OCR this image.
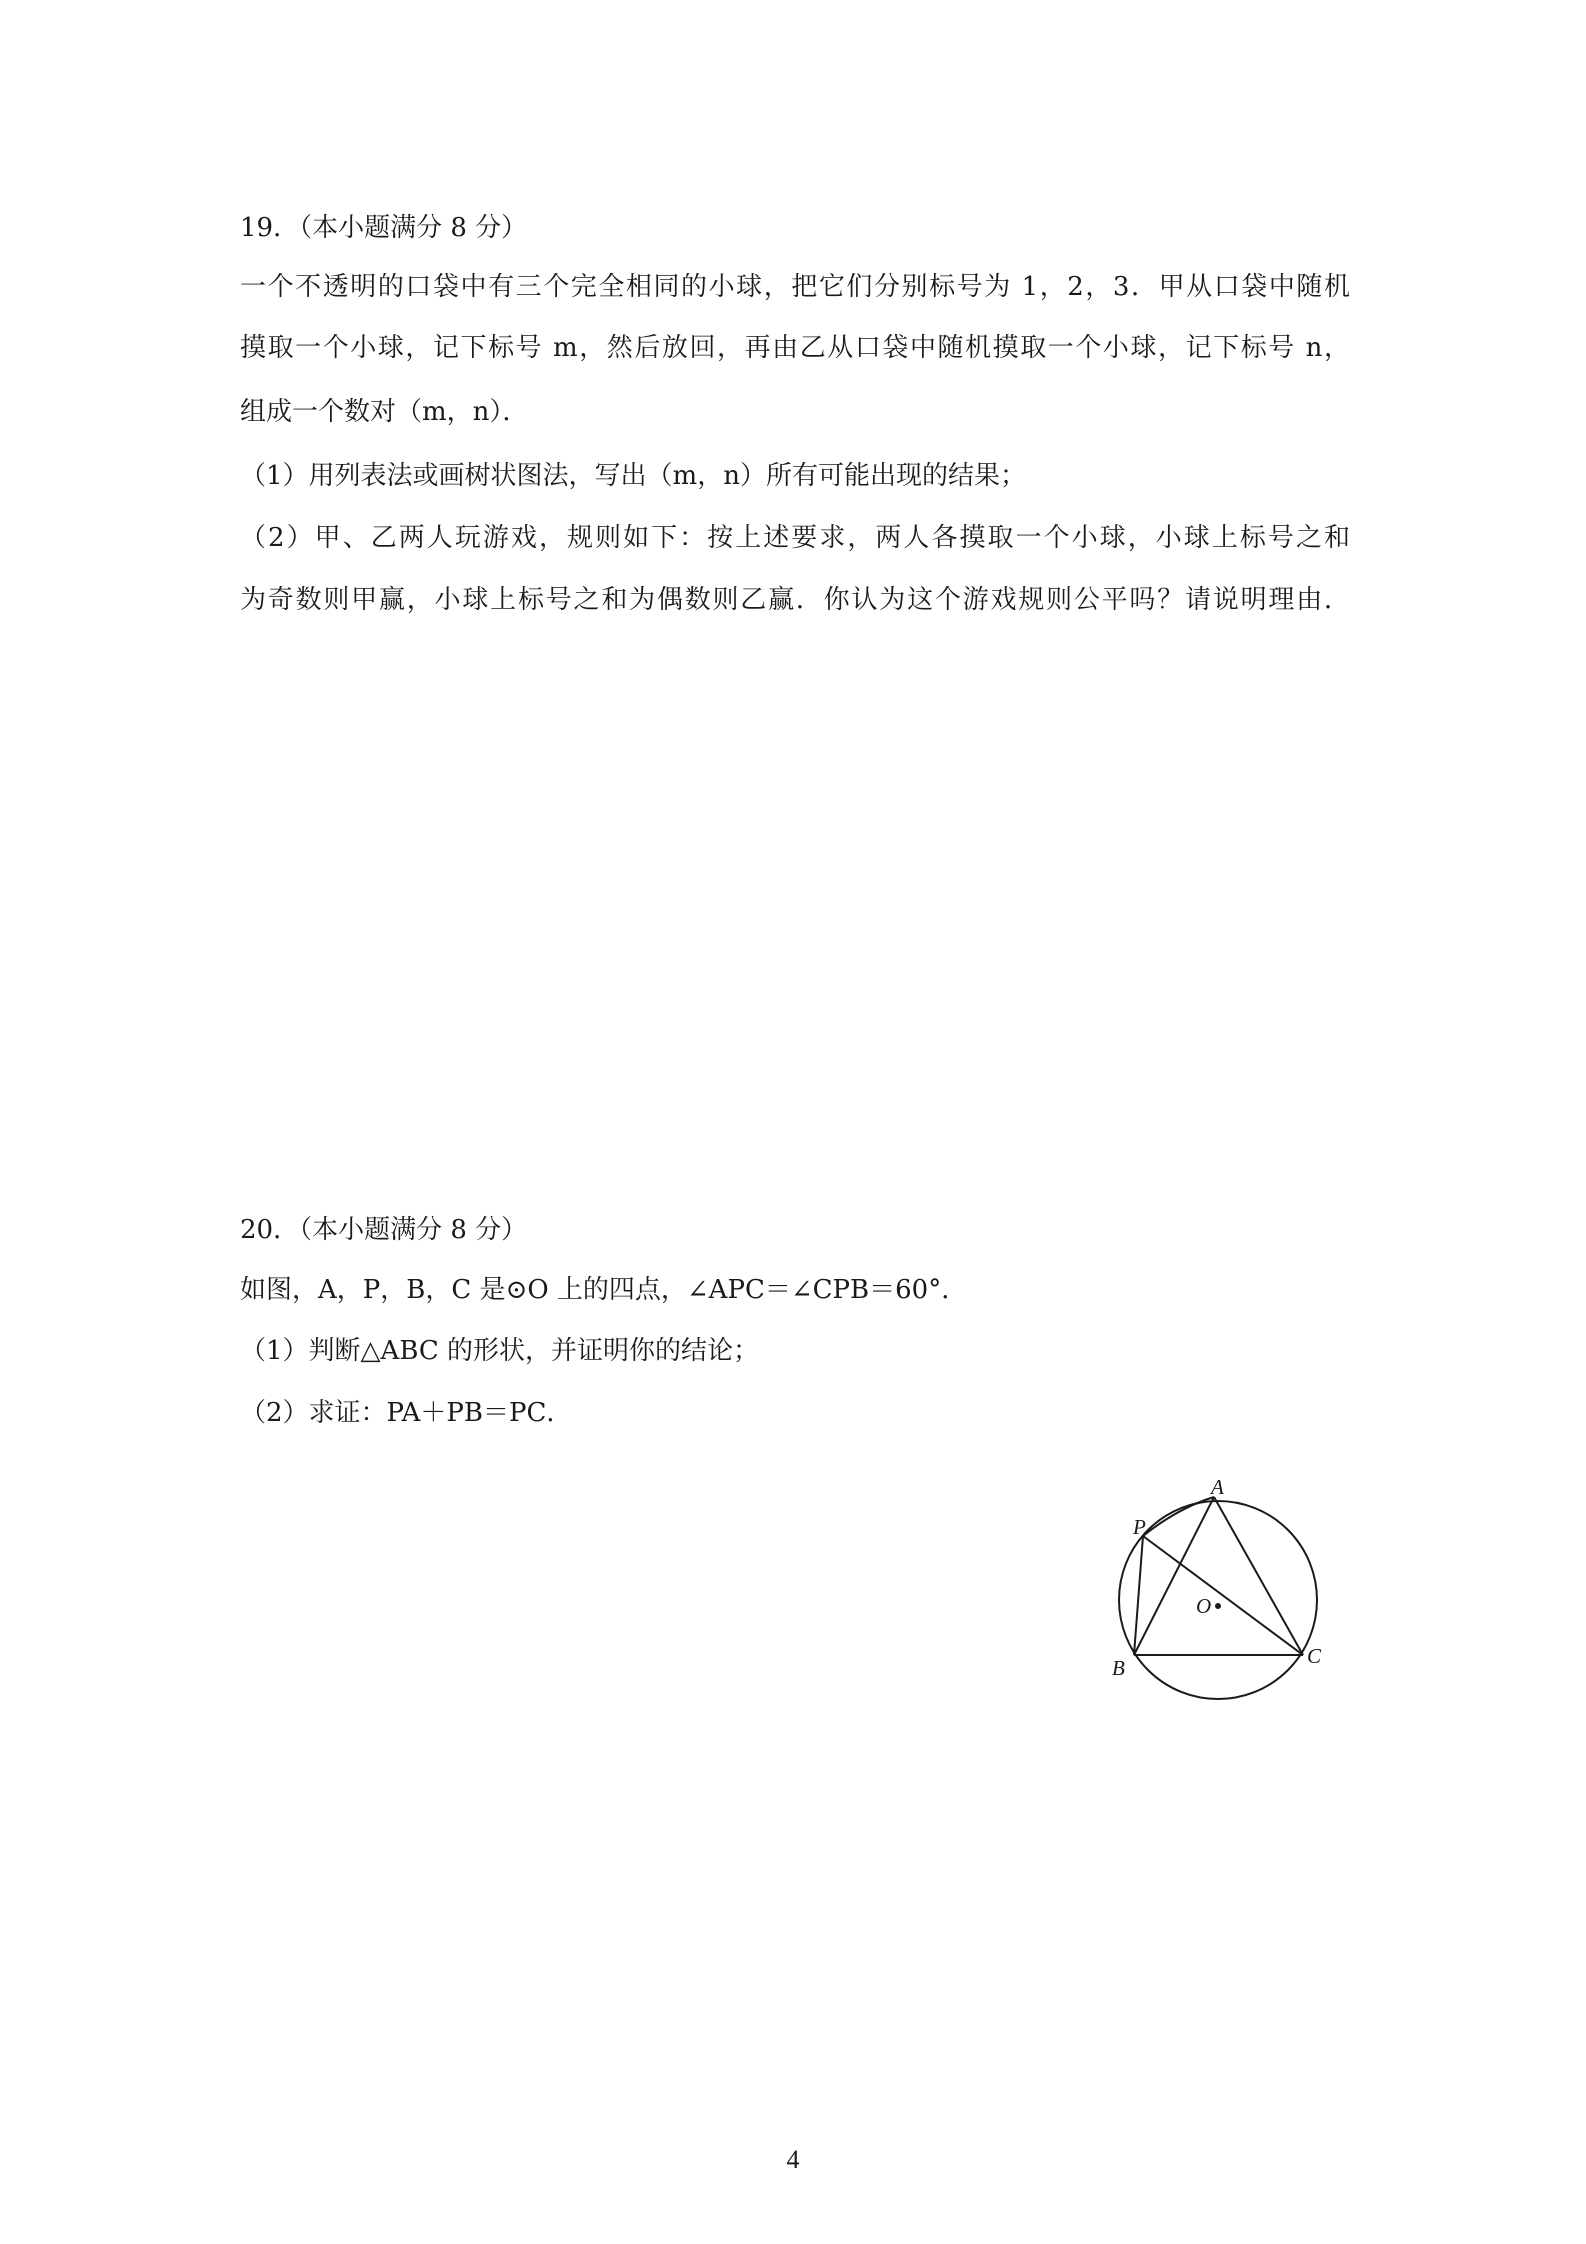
19．（本小题满分 8 分）
一个不透明的口袋中有三个完全相同的小球，把它们分别标号为 1，2，3．甲从口袋中随机
摸取一个小球，记下标号 m，然后放回，再由乙从口袋中随机摸取一个小球，记下标号 n，
组成一个数对（m，n）．
（1）用列表法或画树状图法，写出（m，n）所有可能出现的结果；
（2）甲、乙两人玩游戏，规则如下：按上述要求，两人各摸取一个小球，小球上标号之和
为奇数则甲赢，小球上标号之和为偶数则乙赢．你认为这个游戏规则公平吗？请说明理由．
20．（本小题满分 8 分）
如图，A，P，B，C 是⊙O 上的四点，∠APC＝∠CPB＝60°．
（1）判断△ABC 的形状，并证明你的结论；
（2）求证：PA＋PB＝PC．
A
P
O
B	C
4
